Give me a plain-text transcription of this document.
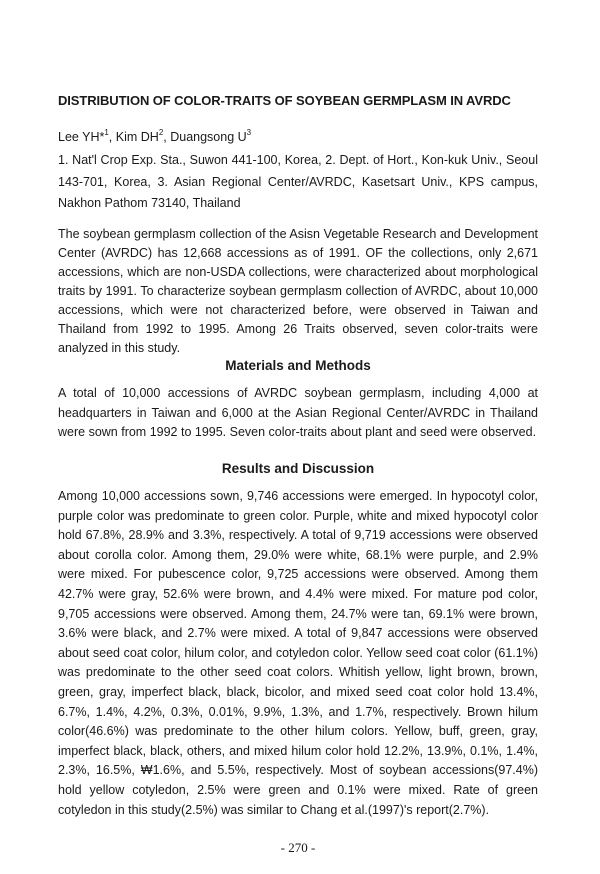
DISTRIBUTION OF COLOR-TRAITS OF SOYBEAN GERMPLASM IN AVRDC
Lee YH*$^1$, Kim $DH^2$, Duangsong $U^3$
1. Nat'l Crop Exp. Sta., Suwon 441-100, Korea, 2. Dept. of Hort., Kon-kuk Univ., Seoul 143-701, Korea, 3. Asian Regional Center/AVRDC, Kasetsart Univ., KPS campus, Nakhon Pathom 73140, Thailand
The soybean germplasm collection of the Asisn Vegetable Research and Development Center (AVRDC) has 12,668 accessions as of 1991. OF the collections, only 2,671 accessions, which are non-USDA collections, were characterized about morphological traits by 1991. To characterize soybean germplasm collection of AVRDC, about 10,000 accessions, which were not characterized before, were observed in Taiwan and Thailand from 1992 to 1995. Among 26 Traits observed, seven color-traits were analyzed in this study.
Materials and Methods
A total of 10,000 accessions of AVRDC soybean germplasm, including 4,000 at headquarters in Taiwan and 6,000 at the Asian Regional Center/AVRDC in Thailand were sown from 1992 to 1995. Seven color-traits about plant and seed were observed.
Results and Discussion
Among 10,000 accessions sown, 9,746 accessions were emerged. In hypocotyl color, purple color was predominate to green color. Purple, white and mixed hypocotyl color hold 67.8%, 28.9% and 3.3%, respectively. A total of 9,719 accessions were observed about corolla color. Among them, 29.0% were white, 68.1% were purple, and 2.9% were mixed. For pubescence color, 9,725 accessions were observed. Among them 42.7% were gray, 52.6% were brown, and 4.4% were mixed. For mature pod color, 9,705 accessions were observed. Among them, 24.7% were tan, 69.1% were brown, 3.6% were black, and 2.7% were mixed. A total of 9,847 accessions were observed about seed coat color, hilum color, and cotyledon color. Yellow seed coat color (61.1%) was predominate to the other seed coat colors. Whitish yellow, light brown, brown, green, gray, imperfect black, black, bicolor, and mixed seed coat color hold 13.4%, 6.7%, 1.4%, 4.2%, 0.3%, 0.01%, 9.9%, 1.3%, and 1.7%, respectively. Brown hilum color(46.6%) was predominate to the other hilum colors. Yellow, buff, green, gray, imperfect black, black, others, and mixed hilum color hold 12.2%, 13.9%, 0.1%, 1.4%, 2.3%, 16.5%, ₩1.6%, and 5.5%, respectively. Most of soybean accessions(97.4%) hold yellow cotyledon, 2.5% were green and 0.1% were mixed. Rate of green cotyledon in this study(2.5%) was similar to Chang et al.(1997)'s report(2.7%).
- 270 -
